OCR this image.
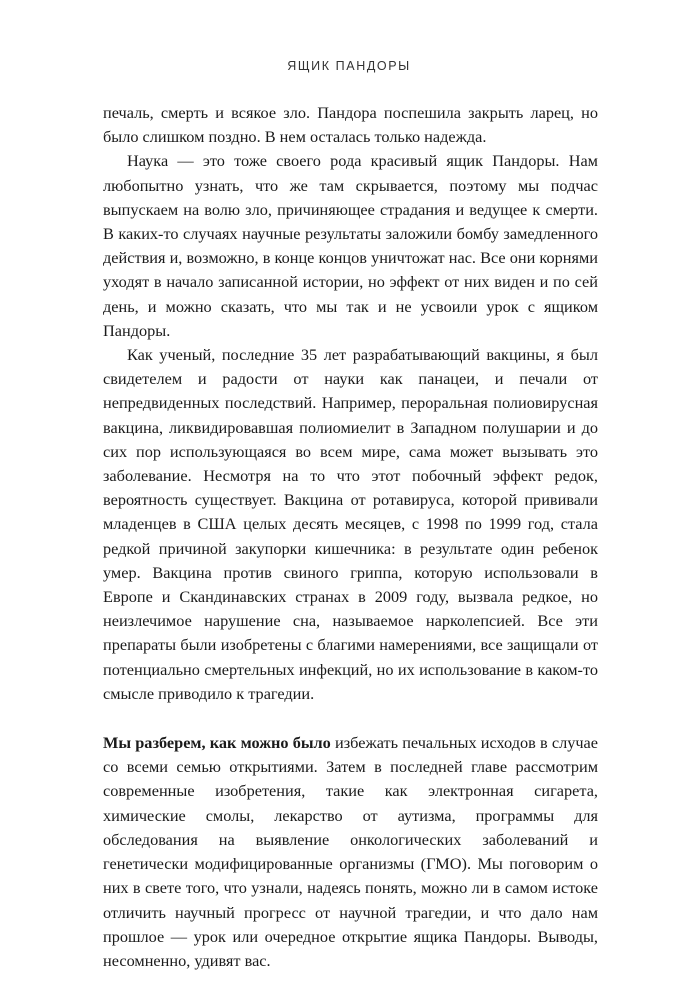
ЯЩИК ПАНДОРЫ

печаль, смерть и всякое зло. Пандора поспешила закрыть ларец, но было слишком поздно. В нем осталась только надежда.

Наука — это тоже своего рода красивый ящик Пандоры. Нам любопытно узнать, что же там скрывается, поэтому мы подчас выпускаем на волю зло, причиняющее страдания и ведущее к смерти. В каких-то случаях научные результаты заложили бомбу замедленного действия и, возможно, в конце концов уничтожат нас. Все они корнями уходят в начало записанной истории, но эффект от них виден и по сей день, и можно сказать, что мы так и не усвоили урок с ящиком Пандоры.

Как ученый, последние 35 лет разрабатывающий вакцины, я был свидетелем и радости от науки как панацеи, и печали от непредвиденных последствий. Например, пероральная полиовирусная вакцина, ликвидировавшая полиомиелит в Западном полушарии и до сих пор использующаяся во всем мире, сама может вызывать это заболевание. Несмотря на то что этот побочный эффект редок, вероятность существует. Вакцина от ротавируса, которой прививали младенцев в США целых десять месяцев, с 1998 по 1999 год, стала редкой причиной закупорки кишечника: в результате один ребенок умер. Вакцина против свиного гриппа, которую использовали в Европе и Скандинавских странах в 2009 году, вызвала редкое, но неизлечимое нарушение сна, называемое нарколепсией. Все эти препараты были изобретены с благими намерениями, все защищали от потенциально смертельных инфекций, но их использование в каком-то смысле приводило к трагедии.

Мы разберем, как можно было избежать печальных исходов в случае со всеми семью открытиями. Затем в последней главе рассмотрим современные изобретения, такие как электронная сигарета, химические смолы, лекарство от аутизма, программы для обследования на выявление онкологических заболеваний и генетически модифицированные организмы (ГМО). Мы поговорим о них в свете того, что узнали, надеясь понять, можно ли в самом истоке отличить научный прогресс от научной трагедии, и что дало нам прошлое — урок или очередное открытие ящика Пандоры. Выводы, несомненно, удивят вас.
